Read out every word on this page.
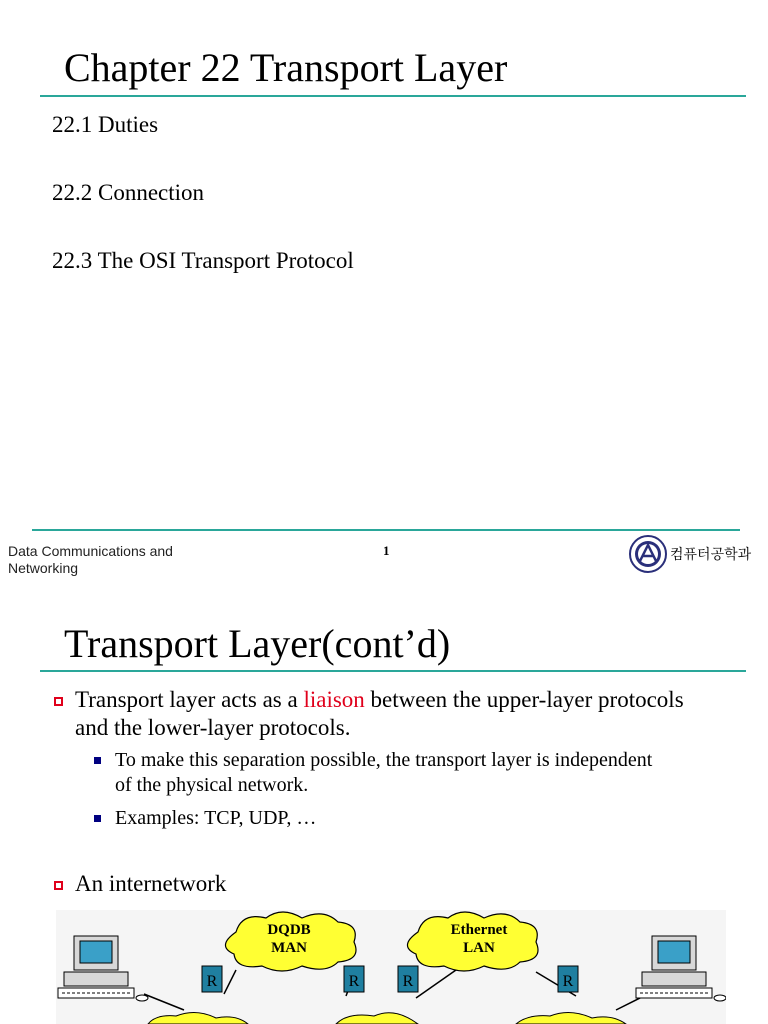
Chapter 22 Transport Layer
22.1 Duties
22.2 Connection
22.3 The OSI Transport Protocol
Data Communications and Networking
1	컴퓨터공학과
Transport Layer(cont’d)
Transport layer acts as a liaison between the upper-layer protocols and the lower-layer protocols.
To make this separation possible, the transport layer is independent of the physical network.
Examples: TCP, UDP, …
An internetwork
DQDB
MAN
Ethernet
LAN
R	R	R	R
